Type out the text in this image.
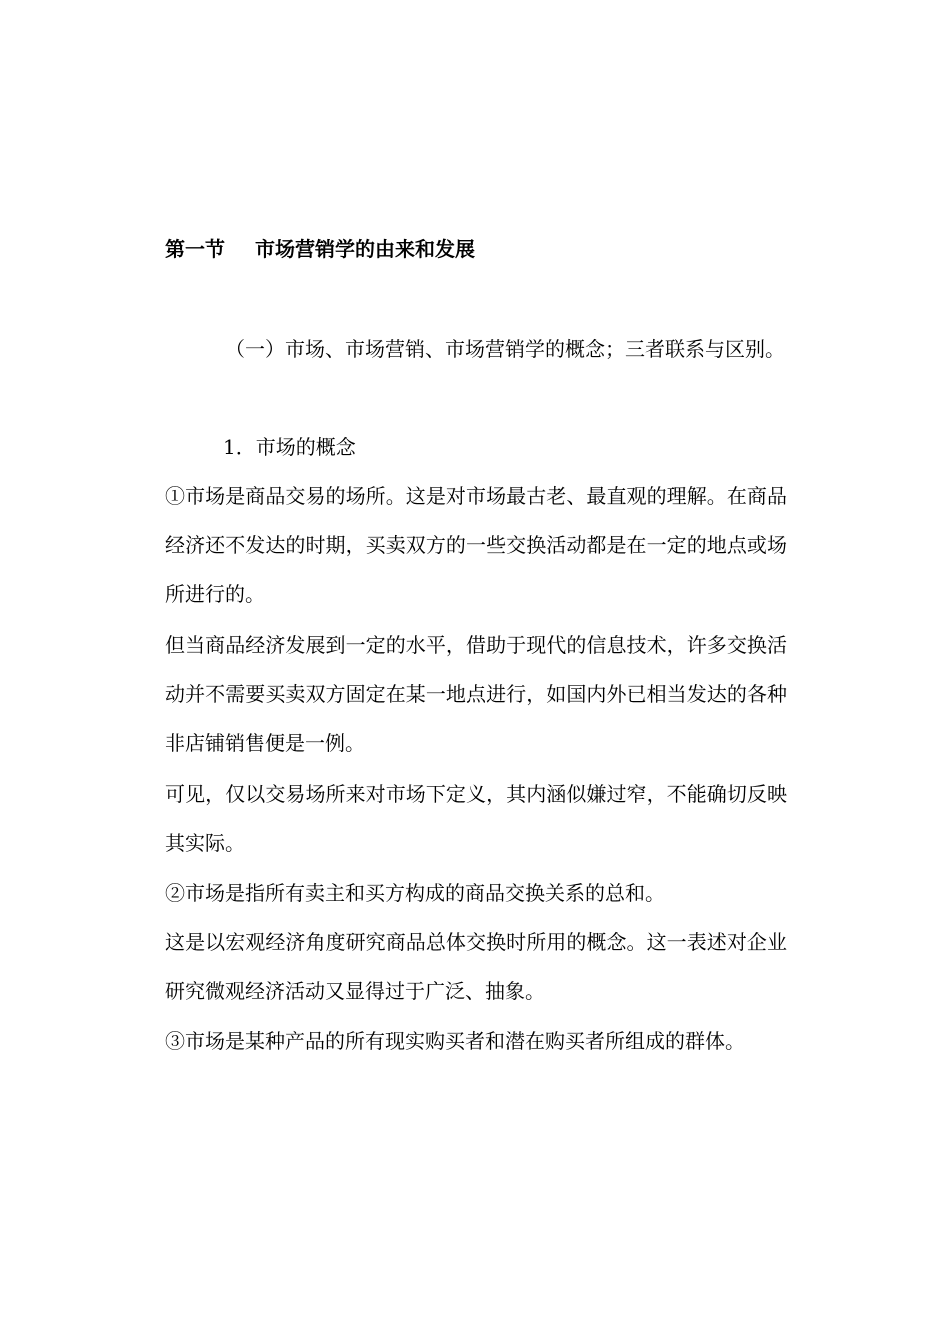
第一节 市场营销学的由来和发展

（一）市场、市场营销、市场营销学的概念；三者联系与区别。

1．市场的概念

①市场是商品交易的场所。这是对市场最古老、最直观的理解。在商品经济还不发达的时期，买卖双方的一些交换活动都是在一定的地点或场所进行的。

但当商品经济发展到一定的水平，借助于现代的信息技术，许多交换活动并不需要买卖双方固定在某一地点进行，如国内外已相当发达的各种非店铺销售便是一例。

可见，仅以交易场所来对市场下定义，其内涵似嫌过窄，不能确切反映其实际。

②市场是指所有卖主和买方构成的商品交换关系的总和。

这是以宏观经济角度研究商品总体交换时所用的概念。这一表述对企业研究微观经济活动又显得过于广泛、抽象。

③市场是某种产品的所有现实购买者和潜在购买者所组成的群体。
